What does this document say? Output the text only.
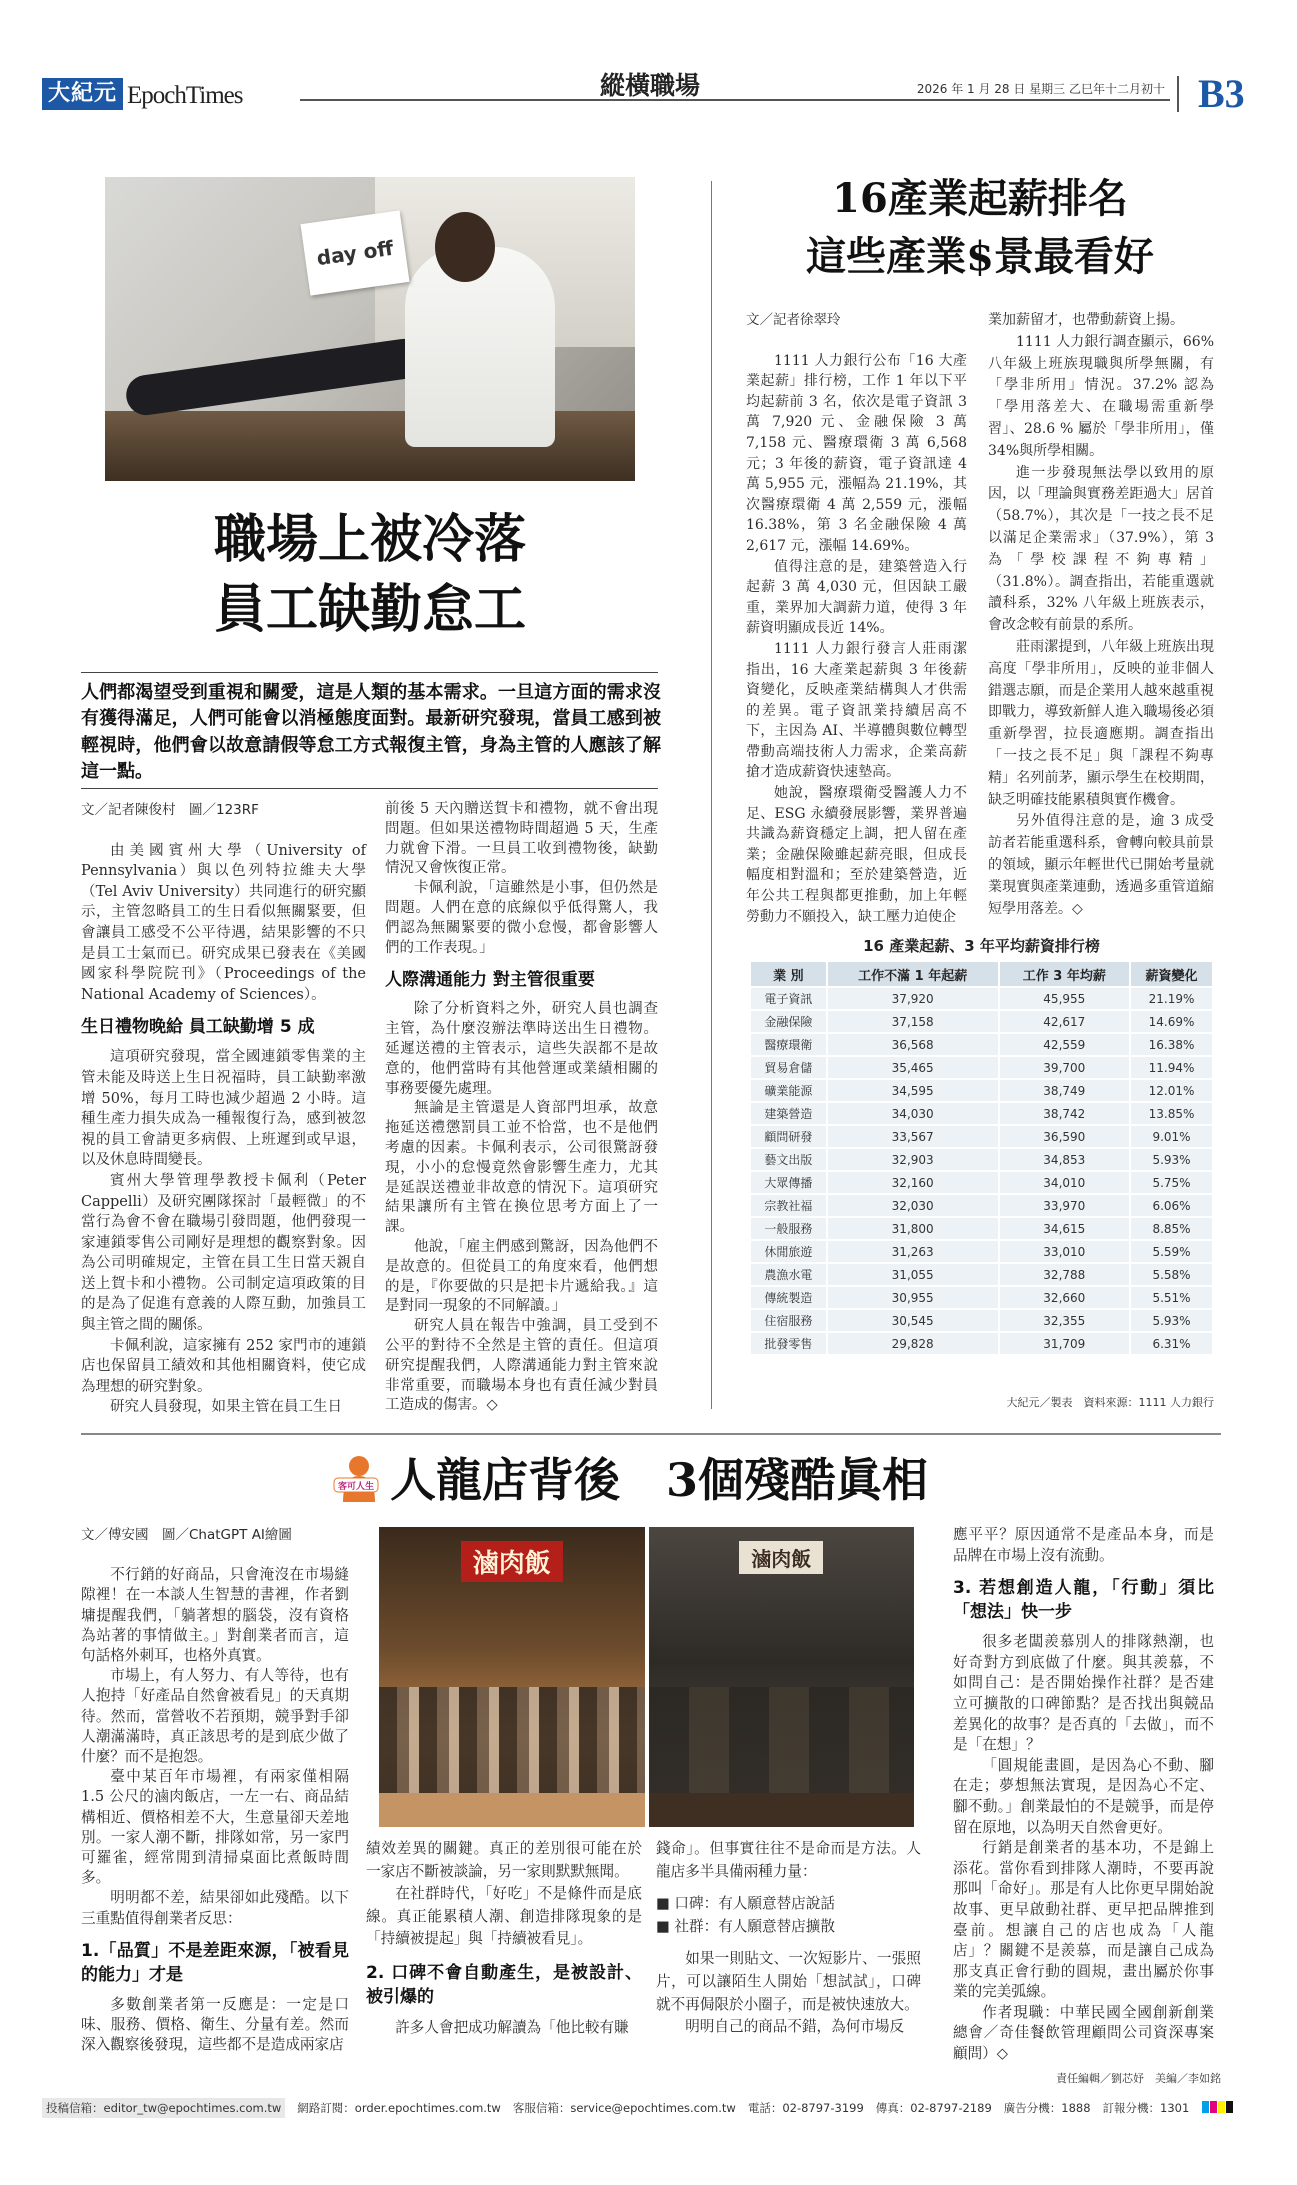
大紀元 EpochTimes	縱橫職場	2026 年 1 月 28 日 星期三 乙巳年十二月初十 B3
day off
職場上被冷落
員工缺勤怠工
人們都渴望受到重視和關愛，這是人類的基本需求。一旦這方面的需求沒有獲得滿足，人們可能會以消極態度面對。最新研究發現，當員工感到被輕視時，他們會以故意請假等怠工方式報復主管，身為主管的人應該了解這一點。

文／記者陳俊村　圖／123RF

由美國賓州大學（University of Pennsylvania）與以色列特拉維夫大學（Tel Aviv University）共同進行的研究顯示，主管忽略員工的生日看似無關緊要，但會讓員工感受不公平待遇，結果影響的不只是員工士氣而已。研究成果已發表在《美國國家科學院院刊》（Proceedings of the National Academy of Sciences）。

生日禮物晚給 員工缺勤增 5 成

這項研究發現，當全國連鎖零售業的主管未能及時送上生日祝福時，員工缺勤率激增 50%，每月工時也減少超過 2 小時。這種生產力損失成為一種報復行為，感到被忽視的員工會請更多病假、上班遲到或早退，以及休息時間變長。

賓州大學管理學教授卡佩利（Peter Cappelli）及研究團隊探討「最輕微」的不當行為會不會在職場引發問題，他們發現一家連鎖零售公司剛好是理想的觀察對象。因為公司明確規定，主管在員工生日當天親自送上賀卡和小禮物。公司制定這項政策的目的是為了促進有意義的人際互動，加強員工與主管之間的關係。

卡佩利說，這家擁有 252 家門市的連鎖店也保留員工績效和其他相關資料，使它成為理想的研究對象。

研究人員發現，如果主管在員工生日

前後 5 天內贈送賀卡和禮物，就不會出現問題。但如果送禮物時間超過 5 天，生產力就會下滑。一旦員工收到禮物後，缺勤情況又會恢復正常。

卡佩利說，「這雖然是小事，但仍然是問題。人們在意的底線似乎低得驚人，我們認為無關緊要的微小怠慢，都會影響人們的工作表現。」

人際溝通能力 對主管很重要

除了分析資料之外，研究人員也調查主管，為什麼沒辦法準時送出生日禮物。延遲送禮的主管表示，這些失誤都不是故意的，他們當時有其他營運或業績相關的事務要優先處理。

無論是主管還是人資部門坦承，故意拖延送禮懲罰員工並不恰當，也不是他們考慮的因素。卡佩利表示，公司很驚訝發現，小小的怠慢竟然會影響生產力，尤其是延誤送禮並非故意的情況下。這項研究結果讓所有主管在換位思考方面上了一課。

他說，「雇主們感到驚訝，因為他們不是故意的。但從員工的角度來看，他們想的是，『你要做的只是把卡片遞給我。』這是對同一現象的不同解讀。」

研究人員在報告中強調，員工受到不公平的對待不全然是主管的責任。但這項研究提醒我們，人際溝通能力對主管來說非常重要，而職場本身也有責任減少對員工造成的傷害。◇

16產業起薪排名
這些產業$景最看好

文／記者徐翠玲

1111 人力銀行公布「16 大產業起薪」排行榜，工作 1 年以下平均起薪前 3 名，依次是電子資訊 3 萬 7,920 元、金融保險 3 萬 7,158 元、醫療環衛 3 萬 6,568 元；3 年後的薪資，電子資訊達 4 萬 5,955 元，漲幅為 21.19%，其次醫療環衛 4 萬 2,559 元，漲幅 16.38%，第 3 名金融保險 4 萬 2,617 元，漲幅 14.69%。

值得注意的是，建築營造入行起薪 3 萬 4,030 元，但因缺工嚴重，業界加大調薪力道，使得 3 年薪資明顯成長近 14%。

1111 人力銀行發言人莊雨潔指出，16 大產業起薪與 3 年後薪資變化，反映產業結構與人才供需的差異。電子資訊業持續居高不下，主因為 AI、半導體與數位轉型帶動高端技術人力需求，企業高薪搶才造成薪資快速墊高。

她說，醫療環衛受醫護人力不足、ESG 永續發展影響，業界普遍共識為薪資穩定上調，把人留在產業；金融保險雖起薪亮眼，但成長幅度相對溫和；至於建築營造，近年公共工程與都更推動，加上年輕勞動力不願投入，缺工壓力迫使企

業加薪留才，也帶動薪資上揚。

1111 人力銀行調查顯示，66% 八年級上班族現職與所學無關，有「學非所用」情況。37.2% 認為「學用落差大、在職場需重新學習」、28.6 % 屬於「學非所用」，僅 34%與所學相關。

進一步發現無法學以致用的原因，以「理論與實務差距過大」居首（58.7%），其次是「一技之長不足以滿足企業需求」（37.9%），第 3 為「學校課程不夠專精」（31.8%）。調查指出，若能重選就讀科系，32% 八年級上班族表示，會改念較有前景的系所。

莊雨潔提到，八年級上班族出現高度「學非所用」，反映的並非個人錯選志願，而是企業用人越來越重視即戰力，導致新鮮人進入職場後必須重新學習，拉長適應期。調查指出「一技之長不足」與「課程不夠專精」名列前茅，顯示學生在校期間，缺乏明確技能累積與實作機會。

另外值得注意的是，逾 3 成受訪者若能重選科系，會轉向較具前景的領域，顯示年輕世代已開始考量就業現實與產業連動，透過多重管道縮短學用落差。◇

16 產業起薪、3 年平均薪資排行榜
業 別	工作不滿 1 年起薪	工作 3 年均薪	薪資變化
電子資訊	37,920	45,955	21.19%
金融保險	37,158	42,617	14.69%
醫療環衛	36,568	42,559	16.38%
貿易倉儲	35,465	39,700	11.94%
礦業能源	34,595	38,749	12.01%
建築營造	34,030	38,742	13.85%
顧問研發	33,567	36,590	9.01%
藝文出版	32,903	34,853	5.93%
大眾傳播	32,160	34,010	5.75%
宗教社福	32,030	33,970	6.06%
一般服務	31,800	34,615	8.85%
休閒旅遊	31,263	33,010	5.59%
農漁水電	31,055	32,788	5.58%
傳統製造	30,955	32,660	5.51%
住宿服務	30,545	32,355	5.93%
批發零售	29,828	31,709	6.31%
大紀元／製表　資料來源：1111 人力銀行
客可人生 人龍店背後　3個殘酷眞相
滷肉飯	滷肉飯

文／傅安國　圖／ChatGPT AI繪圖

不行銷的好商品，只會淹沒在市場縫隙裡！在一本談人生智慧的書裡，作者劉墉提醒我們，「躺著想的腦袋，沒有資格為站著的事情做主。」對創業者而言，這句話格外刺耳，也格外真實。

市場上，有人努力、有人等待，也有人抱持「好產品自然會被看見」的天真期待。然而，當營收不若預期，競爭對手卻人潮滿滿時，真正該思考的是到底少做了什麼？而不是抱怨。

臺中某百年市場裡，有兩家僅相隔 1.5 公尺的滷肉飯店，一左一右、商品結構相近、價格相差不大，生意量卻天差地別。一家人潮不斷，排隊如常，另一家門可羅雀，經常閒到清掃桌面比煮飯時間多。

明明都不差，結果卻如此殘酷。以下三重點值得創業者反思：

1.「品質」不是差距來源，「被看見的能力」才是

多數創業者第一反應是：一定是口味、服務、價格、衛生、分量有差。然而深入觀察後發現，這些都不是造成兩家店

績效差異的關鍵。真正的差別很可能在於一家店不斷被談論，另一家則默默無聞。

在社群時代，「好吃」不是條件而是底線。真正能累積人潮、創造排隊現象的是「持續被提起」與「持續被看見」。

2. 口碑不會自動產生，是被設計、被引爆的

許多人會把成功解讀為「他比較有賺

錢命」。但事實往往不是命而是方法。人龍店多半具備兩種力量：

■ 口碑：有人願意替店說話

■ 社群：有人願意替店擴散

如果一則貼文、一次短影片、一張照片，可以讓陌生人開始「想試試」，口碑就不再侷限於小圈子，而是被快速放大。

明明自己的商品不錯，為何市場反

應平平？原因通常不是產品本身，而是品牌在市場上沒有流動。

3. 若想創造人龍，「行動」須比「想法」快一步

很多老闆羨慕別人的排隊熱潮，也好奇對方到底做了什麼。與其羨慕，不如問自己：是否開始操作社群？是否建立可擴散的口碑節點？是否找出與競品差異化的故事？是否真的「去做」，而不是「在想」？

「圓規能畫圓，是因為心不動、腳在走；夢想無法實現，是因為心不定、腳不動。」創業最怕的不是競爭，而是停留在原地，以為明天自然會更好。

行銷是創業者的基本功，不是錦上添花。當你看到排隊人潮時，不要再說那叫「命好」。那是有人比你更早開始說故事、更早啟動社群、更早把品牌推到臺前。想讓自己的店也成為「人龍店」？關鍵不是羨慕，而是讓自己成為那支真正會行動的圓規，畫出屬於你事業的完美弧線。

作者現職：中華民國全國創新創業總會／奇佳餐飲管理顧問公司資深專案顧問）◇

責任編輯／劉芯妤　美編／李如銘
投稿信箱：editor_tw@epochtimes.com.tw	網路訂閱：order.epochtimes.com.tw 客服信箱：service@epochtimes.com.tw 電話：02-8797-3199 傳真：02-8797-2189 廣告分機：1888 訂報分機：1301
